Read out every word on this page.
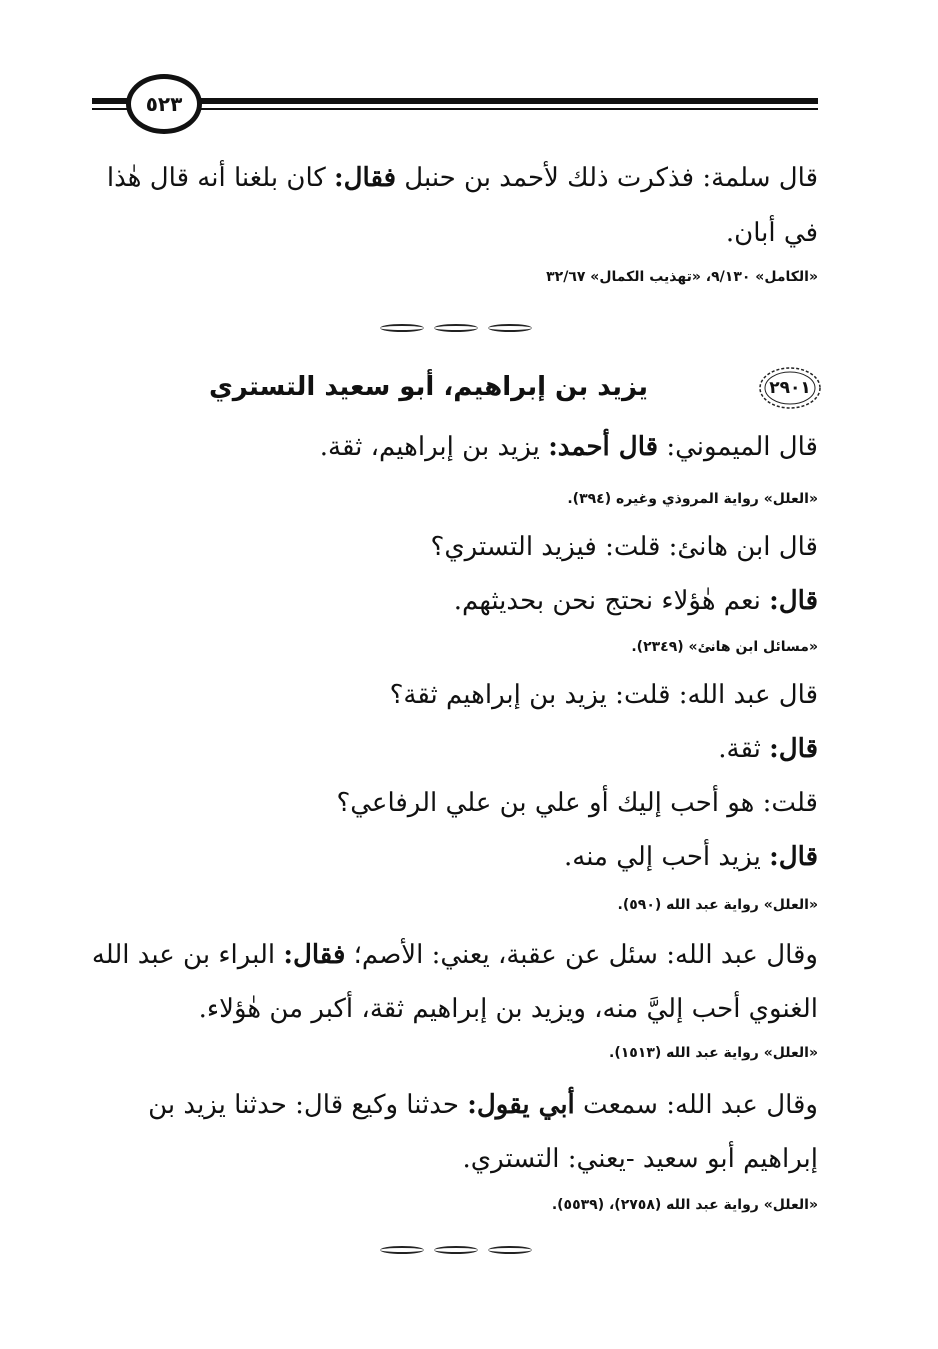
٥٢٣
قال سلمة: فذكرت ذلك لأحمد بن حنبل فقال: كان بلغنا أنه قال هٰذا
في أبان.
«الكامل» ٩/١٣٠، «تهذيب الكمال» ٣٢/٦٧
٢٩٠١
يزيد بن إبراهيم، أبو سعيد التستري
قال الميموني: قال أحمد: يزيد بن إبراهيم، ثقة.
«العلل» رواية المروذي وغيره (٣٩٤).
قال ابن هانئ: قلت: فيزيد التستري؟
قال: نعم هٰؤلاء نحتج نحن بحديثهم.
«مسائل ابن هانئ» (٢٣٤٩).
قال عبد الله: قلت: يزيد بن إبراهيم ثقة؟
قال: ثقة.
قلت: هو أحب إليك أو علي بن علي الرفاعي؟
قال: يزيد أحب إلي منه.
«العلل» رواية عبد الله (٥٩٠).
وقال عبد الله: سئل عن عقبة، يعني: الأصم؛ فقال: البراء بن عبد الله
الغنوي أحب إليَّ منه، ويزيد بن إبراهيم ثقة، أكبر من هٰؤلاء.
«العلل» رواية عبد الله (١٥١٣).
وقال عبد الله: سمعت أبي يقول: حدثنا وكيع قال: حدثنا يزيد بن
إبراهيم أبو سعيد -يعني: التستري.
«العلل» رواية عبد الله (٢٧٥٨)، (٥٥٣٩).
